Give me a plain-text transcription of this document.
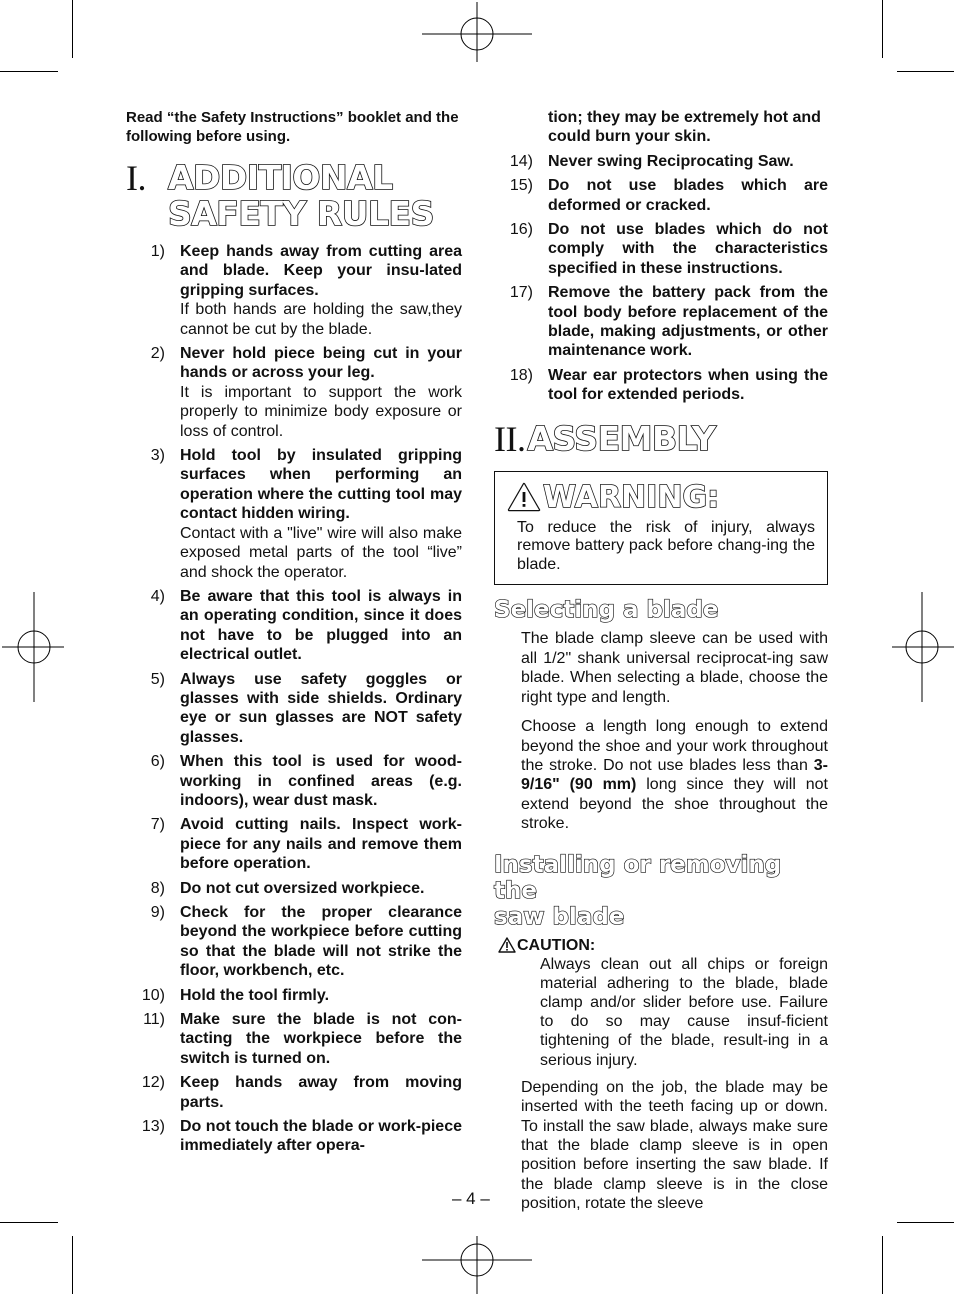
Read “the Safety Instructions” booklet and the following before using.

I. ADDITIONAL
SAFETY RULES
1) Keep hands away from cutting area and blade. Keep your insu-lated gripping surfaces.
If both hands are holding the saw,they cannot be cut by the blade.
2) Never hold piece being cut in your hands or across your leg.
It is important to support the work properly to minimize body exposure or loss of control.
3) Hold tool by insulated gripping surfaces when performing an operation where the cutting tool may contact hidden wiring.
Contact with a "live" wire will also make exposed metal parts of the tool “live” and shock the operator.
4) Be aware that this tool is always in an operating condition, since it does not have to be plugged into an electrical outlet.
5) Always use safety goggles or glasses with side shields. Ordinary eye or sun glasses are NOT safety glasses.
6) When this tool is used for wood-working in confined areas (e.g. indoors), wear dust mask.
7) Avoid cutting nails. Inspect work-piece for any nails and remove them before operation.
8) Do not cut oversized workpiece.
9) Check for the proper clearance beyond the workpiece before cutting so that the blade will not strike the floor, workbench, etc.
10) Hold the tool firmly.
11) Make sure the blade is not con-tacting the workpiece before the switch is turned on.
12) Keep hands away from moving parts.
13) Do not touch the blade or work-piece immediately after opera-
tion; they may be extremely hot and could burn your skin.
14) Never swing Reciprocating Saw.
15) Do not use blades which are deformed or cracked.
16) Do not use blades which do not comply with the characteristics specified in these instructions.
17) Remove the battery pack from the tool body before replacement of the blade, making adjustments, or other maintenance work.
18) Wear ear protectors when using the tool for extended periods.
II. ASSEMBLY
WARNING:

To reduce the risk of injury, always remove battery pack before chang-ing the blade.

Selecting a blade

The blade clamp sleeve can be used with all 1/2" shank universal reciprocat-ing saw blade. When selecting a blade, choose the right type and length.

Choose a length long enough to extend beyond the shoe and your work throughout the stroke. Do not use blades less than 3-9/16" (90 mm) long since they will not extend beyond the shoe throughout the stroke.

Installing or removing the
saw blade
CAUTION:

Always clean out all chips or foreign material adhering to the blade, blade clamp and/or slider before use. Failure to do so may cause insuf-ficient tightening of the blade, result-ing in a serious injury.

Depending on the job, the blade may be inserted with the teeth facing up or down. To install the saw blade, always make sure that the blade clamp sleeve is in open position before inserting the saw blade. If the blade clamp sleeve is in the close position, rotate the sleeve

– 4 –
